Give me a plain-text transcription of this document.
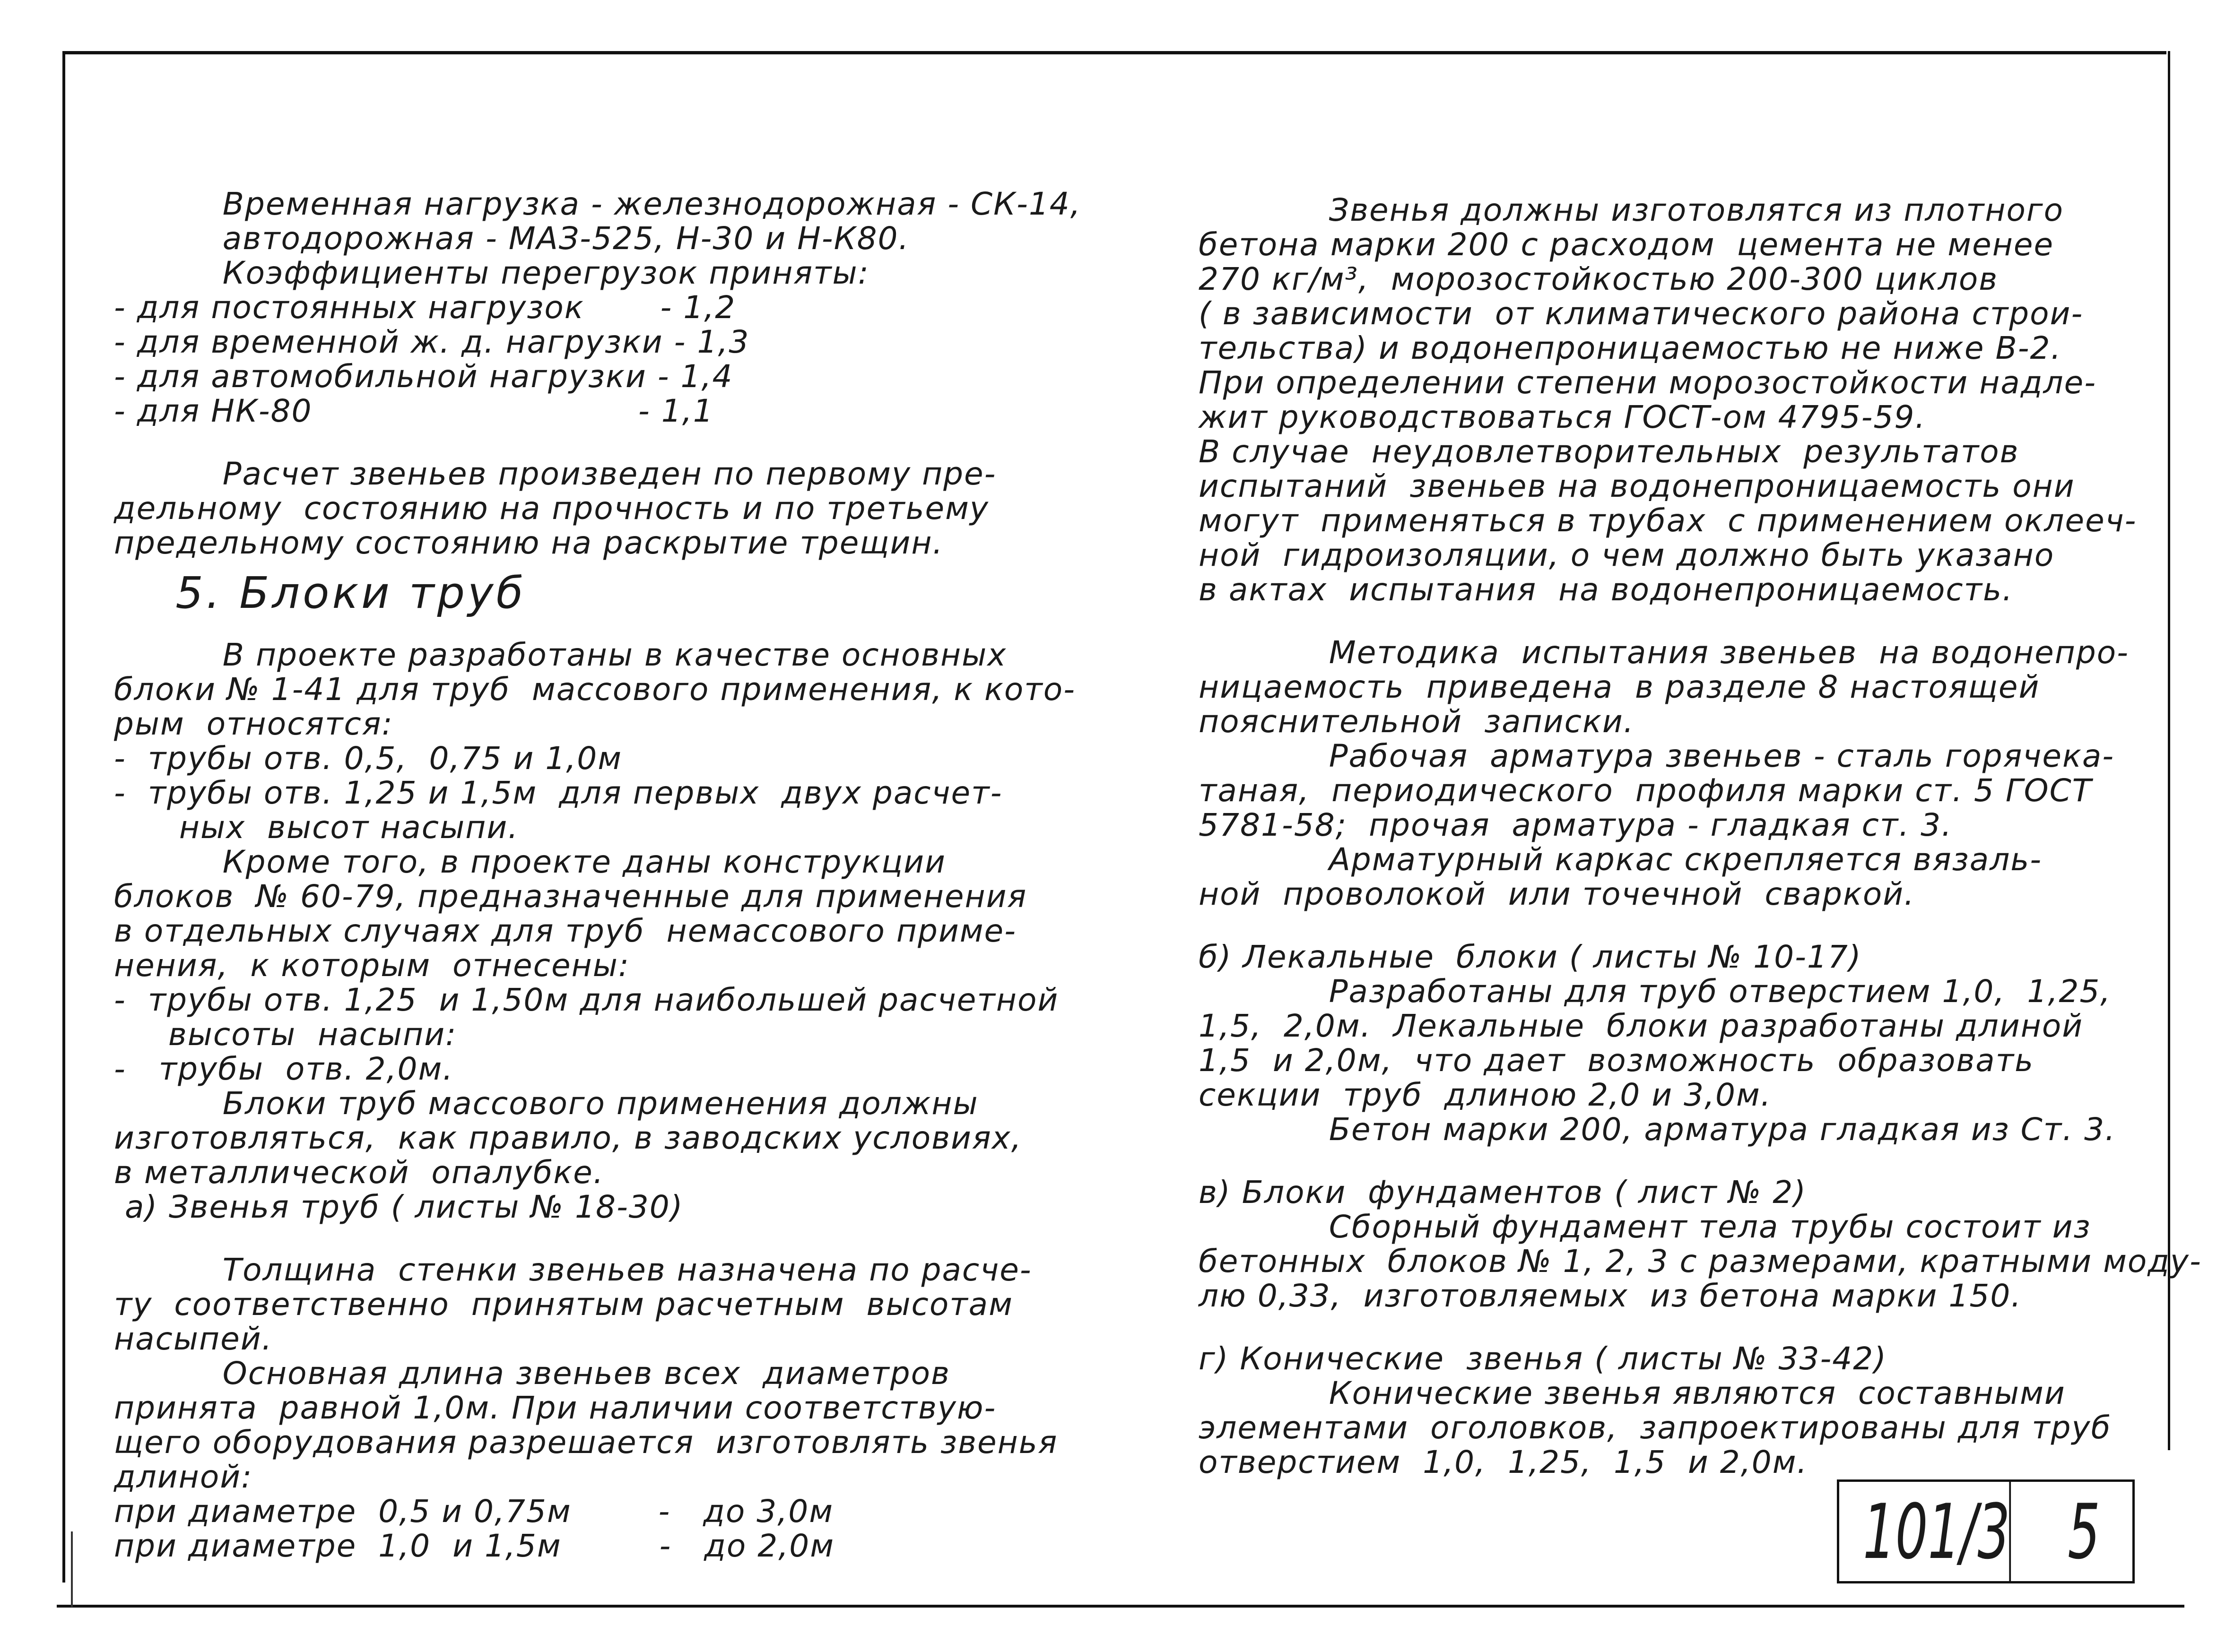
Временная нагрузка - железнодорожная - СК-14,
автодорожная - МАЗ-525, Н-30 и Н-К80.
Коэффициенты перегрузок приняты:
- для постоянных нагрузок       - 1,2
- для временной ж. д. нагрузки - 1,3
- для автомобильной нагрузки - 1,4
- для НК-80                              - 1,1
Расчет звеньев произведен по первому пре-
дельному  состоянию на прочность и по третьему
предельному состоянию на раскрытие трещин.
5. Блоки труб
В проекте разработаны в качестве основных
блоки № 1-41 для труб  массового применения, к кото-
рым  относятся:
-  трубы отв. 0,5,  0,75 и 1,0м
-  трубы отв. 1,25 и 1,5м  для первых  двух расчет-
ных  высот насыпи.
Кроме того, в проекте даны конструкции
блоков  № 60-79, предназначенные для применения
в отдельных случаях для труб  немассового приме-
нения,  к которым  отнесены:
-  трубы отв. 1,25  и 1,50м для наибольшей расчетной
высоты  насыпи:
-   трубы  отв. 2,0м.
Блоки труб массового применения должны
изготовляться,  как правило, в заводских условиях,
в металлической  опалубке.
а) Звенья труб ( листы № 18-30)
Толщина  стенки звеньев назначена по расче-
ту  соответственно  принятым расчетным  высотам
насыпей.
Основная длина звеньев всех  диаметров
принята  равной 1,0м. При наличии соответствую-
щего оборудования разрешается  изготовлять звенья
длиной:
при диаметре  0,5 и 0,75м        -   до 3,0м
при диаметре  1,0  и 1,5м         -   до 2,0м
Звенья должны изготовлятся из плотного
бетона марки 200 с расходом  цемента не менее
270 кг/м³,  морозостойкостью 200-300 циклов
( в зависимости  от климатического района строи-
тельства) и водонепроницаемостью не ниже В-2.
При определении степени морозостойкости надле-
жит руководствоваться ГОСТ-ом 4795-59.
В случае  неудовлетворительных  результатов
испытаний  звеньев на водонепроницаемость они
могут  применяться в трубах  с применением оклееч-
ной  гидроизоляции, о чем должно быть указано
в актах  испытания  на водонепроницаемость.
Методика  испытания звеньев  на водонепро-
ницаемость  приведена  в разделе 8 настоящей
пояснительной  записки.
Рабочая  арматура звеньев - сталь горячека-
таная,  периодического  профиля марки ст. 5 ГОСТ
5781-58;  прочая  арматура - гладкая ст. 3.
Арматурный каркас скрепляется вязаль-
ной  проволокой  или точечной  сваркой.
б) Лекальные  блоки ( листы № 10-17)
Разработаны для труб отверстием 1,0,  1,25,
1,5,  2,0м.  Лекальные  блоки разработаны длиной
1,5  и 2,0м,  что дает  возможность  образовать
секции  труб  длиною 2,0 и 3,0м.
Бетон марки 200, арматура гладкая из Ст. 3.
в) Блоки  фундаментов ( лист № 2)
Сборный фундамент тела трубы состоит из
бетонных  блоков № 1, 2, 3 с размерами, кратными моду-
лю 0,33,  изготовляемых  из бетона марки 150.
г) Конические  звенья ( листы № 33-42)
Конические звенья являются  составными
элементами  оголовков,  запроектированы для труб
отверстием  1,0,  1,25,  1,5  и 2,0м.
101/3 5
